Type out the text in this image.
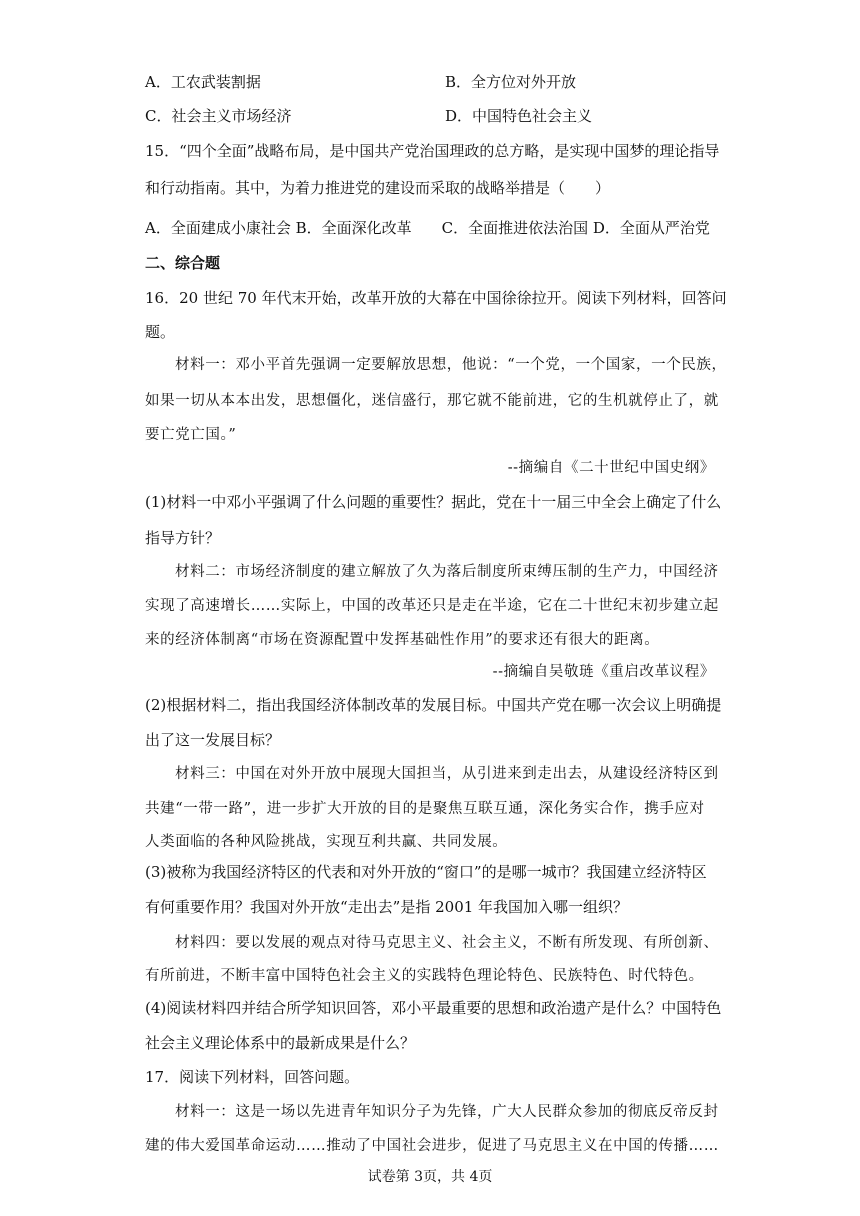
A．工农武装割据	B．全方位对外开放
C．社会主义市场经济	D．中国特色社会主义
15．“四个全面”战略布局，是中国共产党治国理政的总方略，是实现中国梦的理论指导
和行动指南。其中，为着力推进党的建设而采取的战略举措是（　　）
A．全面建成小康社会 B．全面深化改革　　C．全面推进依法治国 D．全面从严治党
二、综合题
16．20 世纪 70 年代末开始，改革开放的大幕在中国徐徐拉开。阅读下列材料，回答问
题。
材料一：邓小平首先强调一定要解放思想，他说：“一个党，一个国家，一个民族，
如果一切从本本出发，思想僵化，迷信盛行，那它就不能前进，它的生机就停止了，就
要亡党亡国。”
--摘编自《二十世纪中国史纲》
(1)材料一中邓小平强调了什么问题的重要性？据此，党在十一届三中全会上确定了什么
指导方针？
材料二：市场经济制度的建立解放了久为落后制度所束缚压制的生产力，中国经济
实现了高速增长……实际上，中国的改革还只是走在半途，它在二十世纪末初步建立起
来的经济体制离“市场在资源配置中发挥基础性作用”的要求还有很大的距离。
--摘编自吴敬琏《重启改革议程》
(2)根据材料二，指出我国经济体制改革的发展目标。中国共产党在哪一次会议上明确提
出了这一发展目标？
材料三：中国在对外开放中展现大国担当，从引进来到走出去，从建设经济特区到
共建“一带一路”，进一步扩大开放的目的是聚焦互联互通，深化务实合作，携手应对
人类面临的各种风险挑战，实现互利共赢、共同发展。
(3)被称为我国经济特区的代表和对外开放的“窗口”的是哪一城市？我国建立经济特区
有何重要作用？我国对外开放“走出去”是指 2001 年我国加入哪一组织？
材料四：要以发展的观点对待马克思主义、社会主义，不断有所发现、有所创新、
有所前进，不断丰富中国特色社会主义的实践特色理论特色、民族特色、时代特色。
(4)阅读材料四并结合所学知识回答，邓小平最重要的思想和政治遗产是什么？中国特色
社会主义理论体系中的最新成果是什么？
17．阅读下列材料，回答问题。
材料一：这是一场以先进青年知识分子为先锋，广大人民群众参加的彻底反帝反封
建的伟大爱国革命运动……推动了中国社会进步，促进了马克思主义在中国的传播……
试卷第 3页，共 4页
